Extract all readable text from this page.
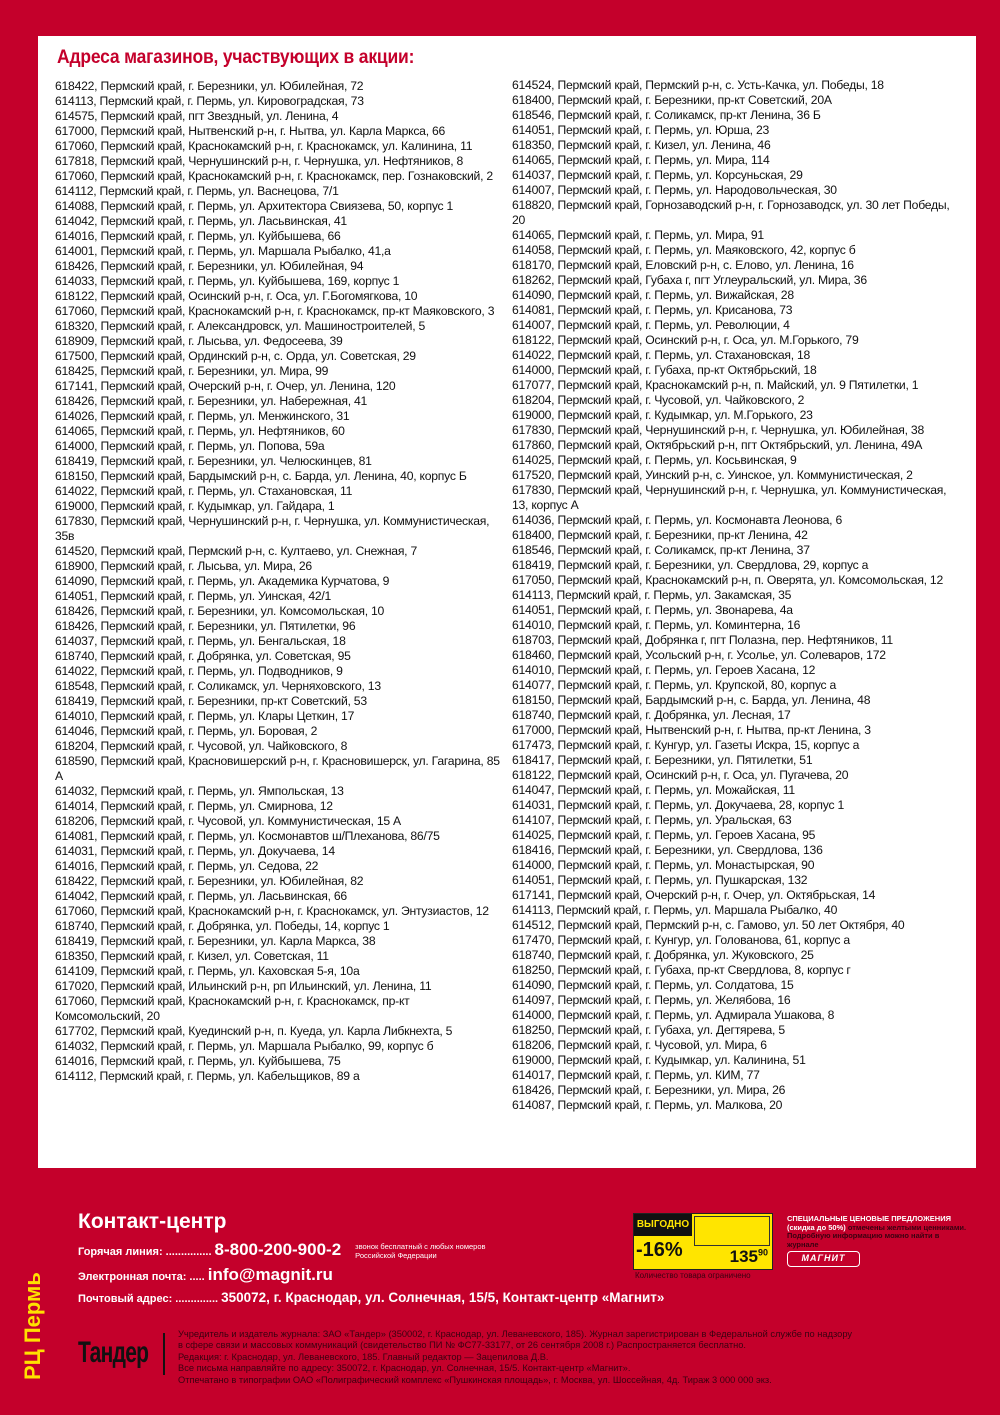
Адреса магазинов, участвующих в акции:
618422, Пермский край, г. Березники, ул. Юбилейная, 72
614113, Пермский край, г. Пермь, ул. Кировоградская, 73
614575, Пермский край, пгт Звездный, ул. Ленина, 4
617000, Пермский край, Нытвенский р-н, г. Нытва, ул. Карла Маркса, 66
617060, Пермский край, Краснокамский р-н, г. Краснокамск, ул. Калинина, 11
617818, Пермский край, Чернушинский р-н, г. Чернушка, ул. Нефтяников, 8
617060, Пермский край, Краснокамский р-н, г. Краснокамск, пер. Гознаковский, 2
614112, Пермский край, г. Пермь, ул. Васнецова, 7/1
614088, Пермский край, г. Пермь, ул. Архитектора Свиязева, 50, корпус 1
614042, Пермский край, г. Пермь, ул. Ласьвинская, 41
614016, Пермский край, г. Пермь, ул. Куйбышева, 66
614001, Пермский край, г. Пермь, ул. Маршала Рыбалко, 41,а
618426, Пермский край, г. Березники, ул. Юбилейная, 94
614033, Пермский край, г. Пермь, ул. Куйбышева, 169, корпус 1
618122, Пермский край, Осинский р-н, г. Оса, ул. Г.Богомягкова, 10
617060, Пермский край, Краснокамский р-н, г. Краснокамск, пр-кт Маяковского, 3
618320, Пермский край, г. Александровск, ул. Машиностроителей, 5
618909, Пермский край, г. Лысьва, ул. Федосеева, 39
617500, Пермский край, Ординский р-н, с. Орда, ул. Советская, 29
618425, Пермский край, г. Березники, ул. Мира, 99
617141, Пермский край, Очерский р-н, г. Очер, ул. Ленина, 120
618426, Пермский край, г. Березники, ул. Набережная, 41
614026, Пермский край, г. Пермь, ул. Менжинского, 31
614065, Пермский край, г. Пермь, ул. Нефтяников, 60
614000, Пермский край, г. Пермь, ул. Попова, 59а
618419, Пермский край, г. Березники, ул. Челюскинцев, 81
618150, Пермский край, Бардымский р-н, с. Барда, ул. Ленина, 40, корпус Б
614022, Пермский край, г. Пермь, ул. Стахановская, 11
619000, Пермский край, г. Кудымкар, ул. Гайдара, 1
617830, Пермский край, Чернушинский р-н, г. Чернушка, ул. Коммунистическая, 35в
614520, Пермский край, Пермский р-н, с. Култаево, ул. Снежная, 7
618900, Пермский край, г. Лысьва, ул. Мира, 26
614090, Пермский край, г. Пермь, ул. Академика Курчатова, 9
614051, Пермский край, г. Пермь, ул. Уинская, 42/1
618426, Пермский край, г. Березники, ул. Комсомольская, 10
618426, Пермский край, г. Березники, ул. Пятилетки, 96
614037, Пермский край, г. Пермь, ул. Бенгальская, 18
618740, Пермский край, г. Добрянка, ул. Советская, 95
614022, Пермский край, г. Пермь, ул. Подводников, 9
618548, Пермский край, г. Соликамск, ул. Черняховского, 13
618419, Пермский край, г. Березники, пр-кт Советский, 53
614010, Пермский край, г. Пермь, ул. Клары Цеткин, 17
614046, Пермский край, г. Пермь, ул. Боровая, 2
618204, Пермский край, г. Чусовой, ул. Чайковского, 8
618590, Пермский край, Красновишерский р-н, г. Красновишерск, ул. Гагарина, 85 А
614032, Пермский край, г. Пермь, ул. Ямпольская, 13
614014, Пермский край, г. Пермь, ул. Смирнова, 12
618206, Пермский край, г. Чусовой, ул. Коммунистическая, 15 А
614081, Пермский край, г. Пермь, ул. Космонавтов ш/Плеханова, 86/75
614031, Пермский край, г. Пермь, ул. Докучаева, 14
614016, Пермский край, г. Пермь, ул. Седова, 22
618422, Пермский край, г. Березники, ул. Юбилейная, 82
614042, Пермский край, г. Пермь, ул. Ласьвинская, 66
617060, Пермский край, Краснокамский р-н, г. Краснокамск, ул. Энтузиастов, 12
618740, Пермский край, г. Добрянка, ул. Победы, 14, корпус 1
618419, Пермский край, г. Березники, ул. Карла Маркса, 38
618350, Пермский край, г. Кизел, ул. Советская, 11
614109, Пермский край, г. Пермь, ул. Каховская 5-я, 10а
617020, Пермский край, Ильинский р-н, рп Ильинский, ул. Ленина, 11
617060, Пермский край, Краснокамский р-н, г. Краснокамск, пр-кт Комсомольский, 20
617702, Пермский край, Куединский р-н, п. Куеда, ул. Карла Либкнехта, 5
614032, Пермский край, г. Пермь, ул. Маршала Рыбалко, 99, корпус б
614016, Пермский край, г. Пермь, ул. Куйбышева, 75
614112, Пермский край, г. Пермь, ул. Кабельщиков, 89 а
614524, Пермский край, Пермский р-н, с. Усть-Качка, ул. Победы, 18
618400, Пермский край, г. Березники, пр-кт Советский, 20А
618546, Пермский край, г. Соликамск, пр-кт Ленина, 36 Б
614051, Пермский край, г. Пермь, ул. Юрша, 23
618350, Пермский край, г. Кизел, ул. Ленина, 46
614065, Пермский край, г. Пермь, ул. Мира, 114
614037, Пермский край, г. Пермь, ул. Корсуньская, 29
614007, Пермский край, г. Пермь, ул. Народовольческая, 30
618820, Пермский край, Горнозаводский р-н, г. Горнозаводск, ул. 30 лет Победы, 20
614065, Пермский край, г. Пермь, ул. Мира, 91
614058, Пермский край, г. Пермь, ул. Маяковского, 42, корпус б
618170, Пермский край, Еловский р-н, с. Елово, ул. Ленина, 16
618262, Пермский край, Губаха г, пгт Углеуральский, ул. Мира, 36
614090, Пермский край, г. Пермь, ул. Вижайская, 28
614081, Пермский край, г. Пермь, ул. Крисанова, 73
614007, Пермский край, г. Пермь, ул. Революции, 4
618122, Пермский край, Осинский р-н, г. Оса, ул. М.Горького, 79
614022, Пермский край, г. Пермь, ул. Стахановская, 18
614000, Пермский край, г. Губаха, пр-кт Октябрьский, 18
617077, Пермский край, Краснокамский р-н, п. Майский, ул. 9 Пятилетки, 1
618204, Пермский край, г. Чусовой, ул. Чайковского, 2
619000, Пермский край, г. Кудымкар, ул. М.Горького, 23
617830, Пермский край, Чернушинский р-н, г. Чернушка, ул. Юбилейная, 38
617860, Пермский край, Октябрьский р-н, пгт Октябрьский, ул. Ленина, 49А
614025, Пермский край, г. Пермь, ул. Косьвинская, 9
617520, Пермский край, Уинский р-н, с. Уинское, ул. Коммунистическая, 2
617830, Пермский край, Чернушинский р-н, г. Чернушка, ул. Коммунистическая, 13, корпус А
614036, Пермский край, г. Пермь, ул. Космонавта Леонова, 6
618400, Пермский край, г. Березники, пр-кт Ленина, 42
618546, Пермский край, г. Соликамск, пр-кт Ленина, 37
618419, Пермский край, г. Березники, ул. Свердлова, 29, корпус а
617050, Пермский край, Краснокамский р-н, п. Оверята, ул. Комсомольская, 12
614113, Пермский край, г. Пермь, ул. Закамская, 35
614051, Пермский край, г. Пермь, ул. Звонарева, 4а
614010, Пермский край, г. Пермь, ул. Коминтерна, 16
618703, Пермский край, Добрянка г, пгт Полазна, пер. Нефтяников, 11
618460, Пермский край, Усольский р-н, г. Усолье, ул. Солеваров, 172
614010, Пермский край, г. Пермь, ул. Героев Хасана, 12
614077, Пермский край, г. Пермь, ул. Крупской, 80, корпус а
618150, Пермский край, Бардымский р-н, с. Барда, ул. Ленина, 48
618740, Пермский край, г. Добрянка, ул. Лесная, 17
617000, Пермский край, Нытвенский р-н, г. Нытва, пр-кт Ленина, 3
617473, Пермский край, г. Кунгур, ул. Газеты Искра, 15, корпус а
618417, Пермский край, г. Березники, ул. Пятилетки, 51
618122, Пермский край, Осинский р-н, г. Оса, ул. Пугачева, 20
614047, Пермский край, г. Пермь, ул. Можайская, 11
614031, Пермский край, г. Пермь, ул. Докучаева, 28, корпус 1
614107, Пермский край, г. Пермь, ул. Уральская, 63
614025, Пермский край, г. Пермь, ул. Героев Хасана, 95
618416, Пермский край, г. Березники, ул. Свердлова, 136
614000, Пермский край, г. Пермь, ул. Монастырская, 90
614051, Пермский край, г. Пермь, ул. Пушкарская, 132
617141, Пермский край, Очерский р-н, г. Очер, ул. Октябрьская, 14
614113, Пермский край, г. Пермь, ул. Маршала Рыбалко, 40
614512, Пермский край, Пермский р-н, с. Гамово, ул. 50 лет Октября, 40
617470, Пермский край, г. Кунгур, ул. Голованова, 61, корпус а
618740, Пермский край, г. Добрянка, ул. Жуковского, 25
618250, Пермский край, г. Губаха, пр-кт Свердлова, 8, корпус г
614090, Пермский край, г. Пермь, ул. Солдатова, 15
614097, Пермский край, г. Пермь, ул. Желябова, 16
614000, Пермский край, г. Пермь, ул. Адмирала Ушакова, 8
618250, Пермский край, г. Губаха, ул. Дегтярева, 5
618206, Пермский край, г. Чусовой, ул. Мира, 6
619000, Пермский край, г. Кудымкар, ул. Калинина, 51
614017, Пермский край, г. Пермь, ул. КИМ, 77
618426, Пермский край, г. Березники, ул. Мира, 26
614087, Пермский край, г. Пермь, ул. Малкова, 20
РЦ Пермь
Контакт-центр
Горячая линия: ............... 8-800-200-900-2 звонок бесплатный с любых номеров
Российской Федерации
Электронная почта: ..... info@magnit.ru
Почтовый адрес: .............. 350072, г. Краснодар, ул. Солнечная, 15/5, Контакт-центр «Магнит»
ВЫГОДНО
-16%	$135^{90}$
Количество товара ограничено
СПЕЦИАЛЬНЫЕ ЦЕНОВЫЕ ПРЕДЛОЖЕНИЯ
(скидка до 50%) отмечены желтыми ценниками. Подробную информацию можно найти в журнале
МАГНИТ
Тандер
Учредитель и издатель журнала: ЗАО «Тандер» (350002, г. Краснодар, ул. Леваневского, 185). Журнал зарегистрирован в Федеральной службе по надзору
в сфере связи и массовых коммуникаций (свидетельство ПИ № ФС77-33177, от 26 сентября 2008 г.) Распространяется бесплатно.
Редакция: г. Краснодар, ул. Леваневского, 185. Главный редактор — Зацепилова Д.В.
Все письма направляйте по адресу: 350072, г. Краснодар, ул. Солнечная, 15/5. Контакт-центр «Магнит».
Отпечатано в типографии ОАО «Полиграфический комплекс «Пушкинская площадь», г. Москва, ул. Шоссейная, 4д. Тираж 3 000 000 экз.
